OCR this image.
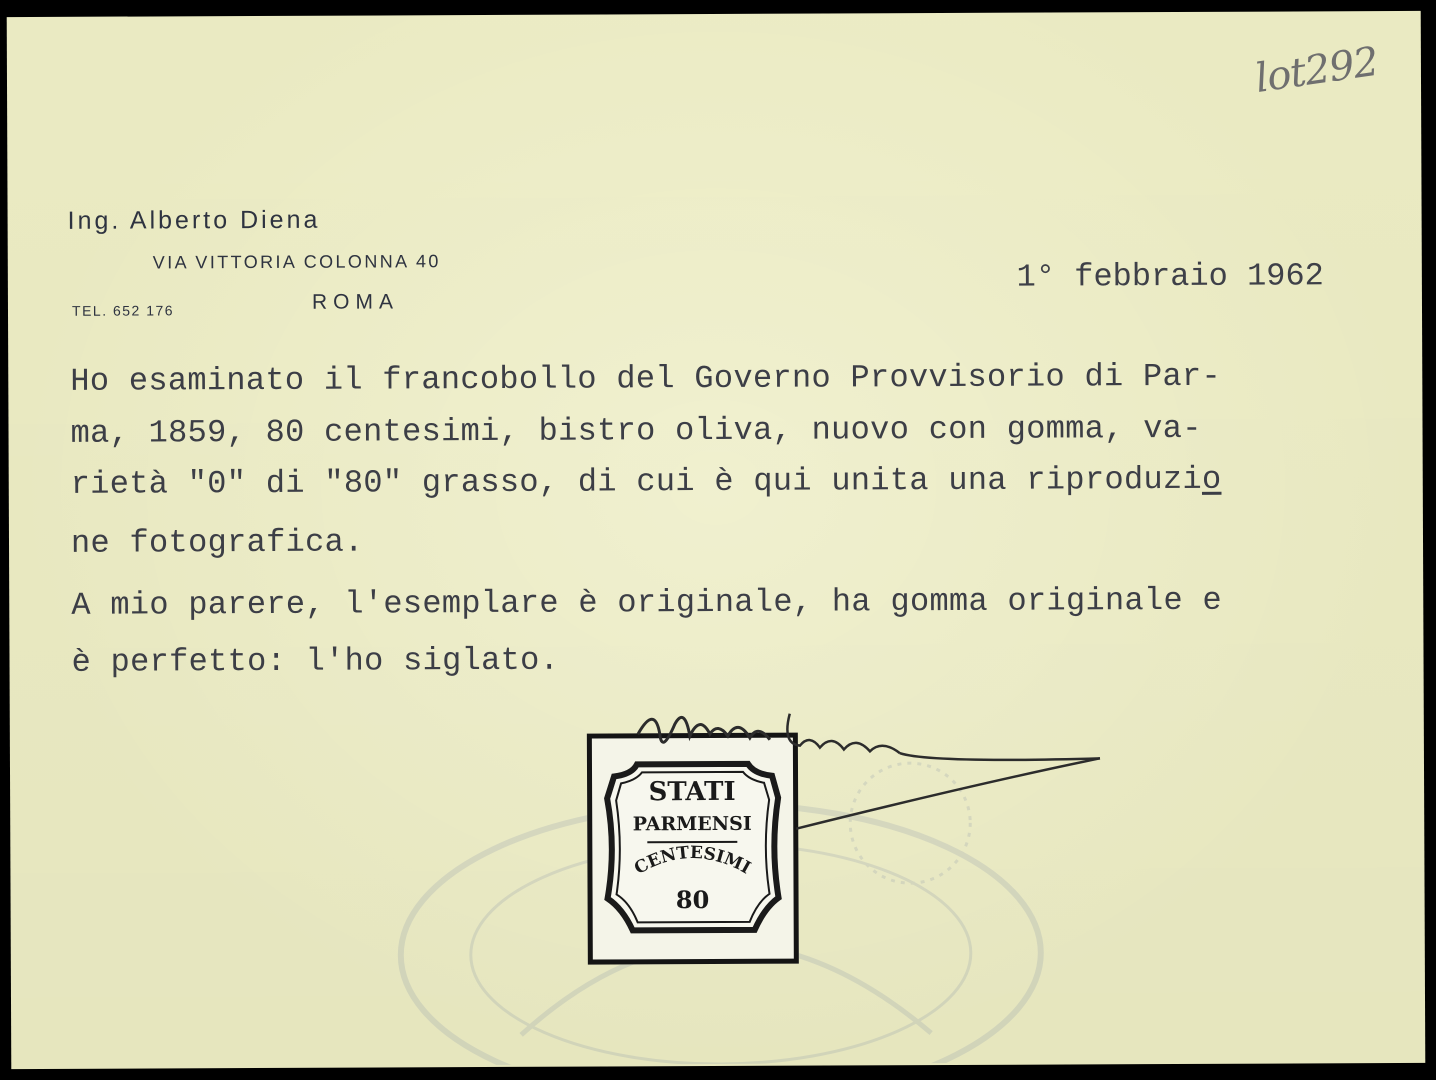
lot292
Ing. Alberto Diena
VIA VITTORIA COLONNA 40
TEL. 652 176	ROMA
1° febbraio 1962
Ho esaminato il francobollo del Governo Provvisorio di Par-
ma, 1859, 80 centesimi, bistro oliva, nuovo con gomma, va-
rietà "0" di "80" grasso, di cui è qui unita una riproduzio
ne fotografica.
A mio parere, l'esemplare è originale, ha gomma originale e
è perfetto: l'ho siglato.
STATI
PARMENSI
CENTESIMI
80
